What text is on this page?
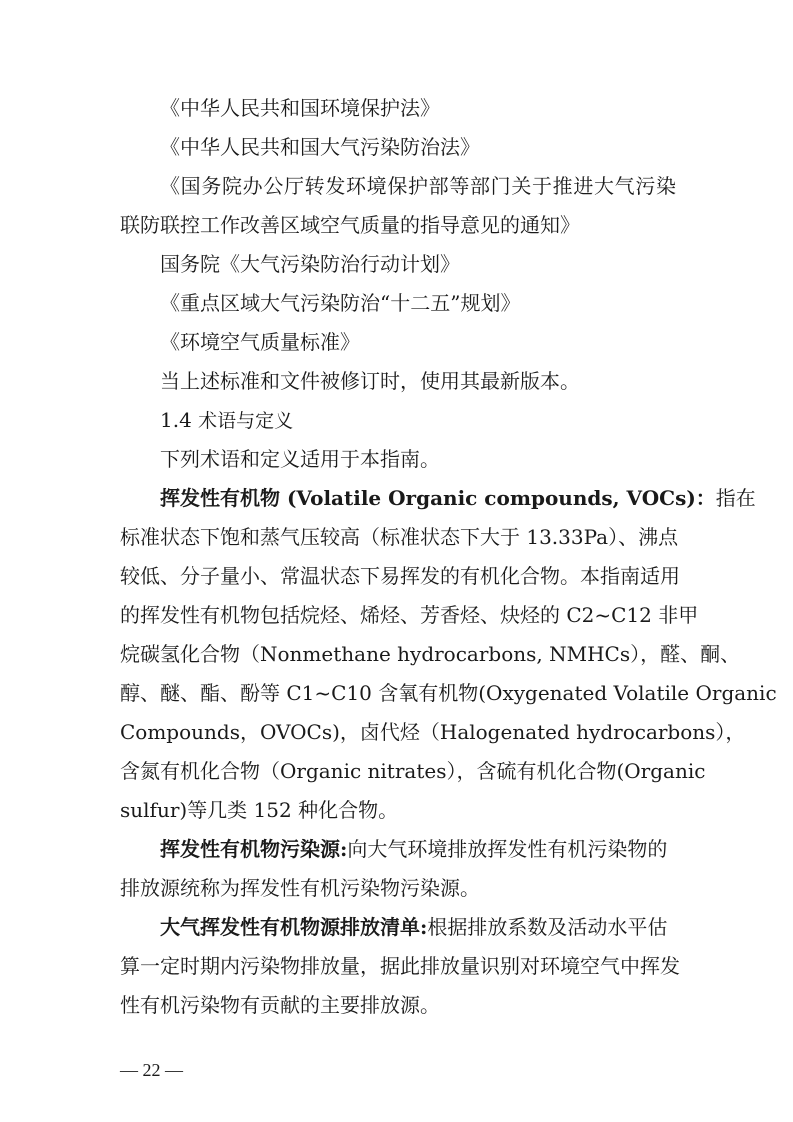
《中华人民共和国环境保护法》
《中华人民共和国大气污染防治法》
《国务院办公厅转发环境保护部等部门关于推进大气污染
联防联控工作改善区域空气质量的指导意见的通知》
国务院《大气污染防治行动计划》
《重点区域大气污染防治“十二五”规划》
《环境空气质量标准》
当上述标准和文件被修订时，使用其最新版本。
1.4 术语与定义
下列术语和定义适用于本指南。
挥发性有机物 (Volatile Organic compounds, VOCs)：指在
标准状态下饱和蒸气压较高（标准状态下大于 13.33Pa）、沸点
较低、分子量小、常温状态下易挥发的有机化合物。本指南适用
的挥发性有机物包括烷烃、烯烃、芳香烃、炔烃的 C2~C12 非甲
烷碳氢化合物（Nonmethane hydrocarbons, NMHCs），醛、酮、
醇、醚、酯、酚等 C1~C10 含氧有机物(Oxygenated Volatile Organic
Compounds，OVOCs)，卤代烃（Halogenated hydrocarbons），
含氮有机化合物（Organic nitrates），含硫有机化合物(Organic
sulfur)等几类 152 种化合物。
挥发性有机物污染源:向大气环境排放挥发性有机污染物的
排放源统称为挥发性有机污染物污染源。
大气挥发性有机物源排放清单:根据排放系数及活动水平估
算一定时期内污染物排放量，据此排放量识别对环境空气中挥发
性有机污染物有贡献的主要排放源。
— 22 —
